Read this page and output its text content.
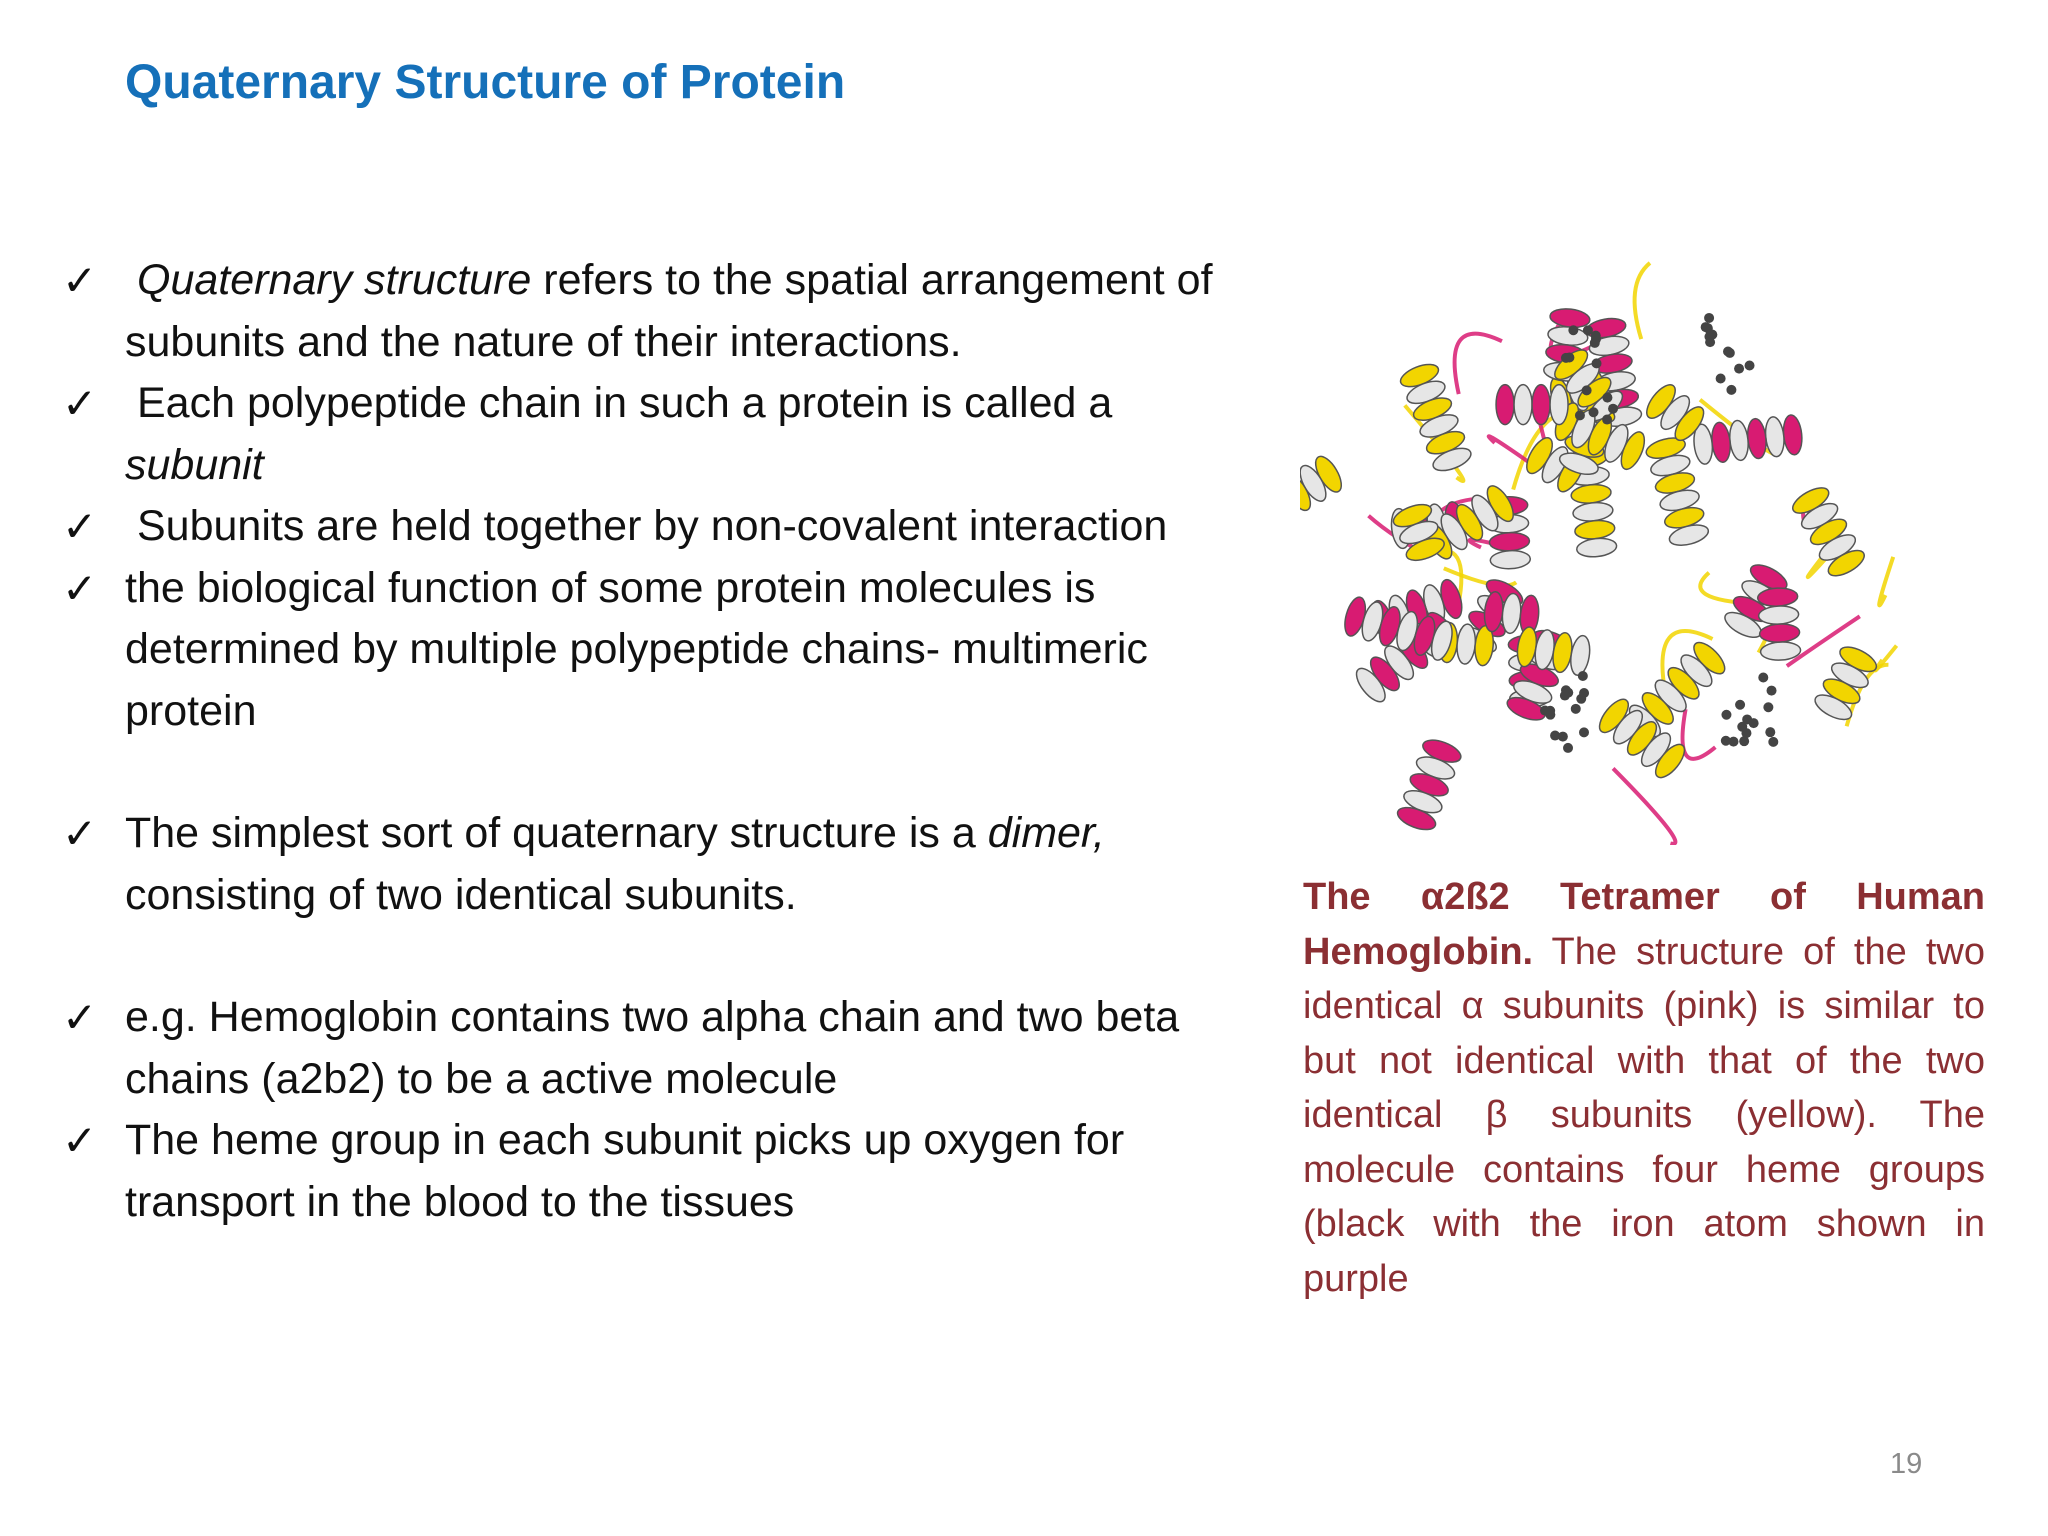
Quaternary Structure of Protein
✓ Quaternary structure refers to the spatial arrangement of subunits and the nature of their interactions.
✓ Each polypeptide chain in such a protein is called a subunit
✓ Subunits are held together by non-covalent interaction
✓ the biological function of some protein molecules is determined by multiple polypeptide chains- multimeric protein
✓ The simplest sort of quaternary structure is a dimer, consisting of two identical subunits.
✓ e.g. Hemoglobin contains two alpha chain and two beta chains (a2b2) to be a active molecule
✓ The heme group in each subunit picks up oxygen for transport in the blood to the tissues

The α2ß2 Tetramer of Human Hemoglobin. The structure of the two identical α subunits (pink) is similar to but not identical with that of the two identical β subunits (yellow). The molecule contains four heme groups (black with the iron atom shown in purple

19
